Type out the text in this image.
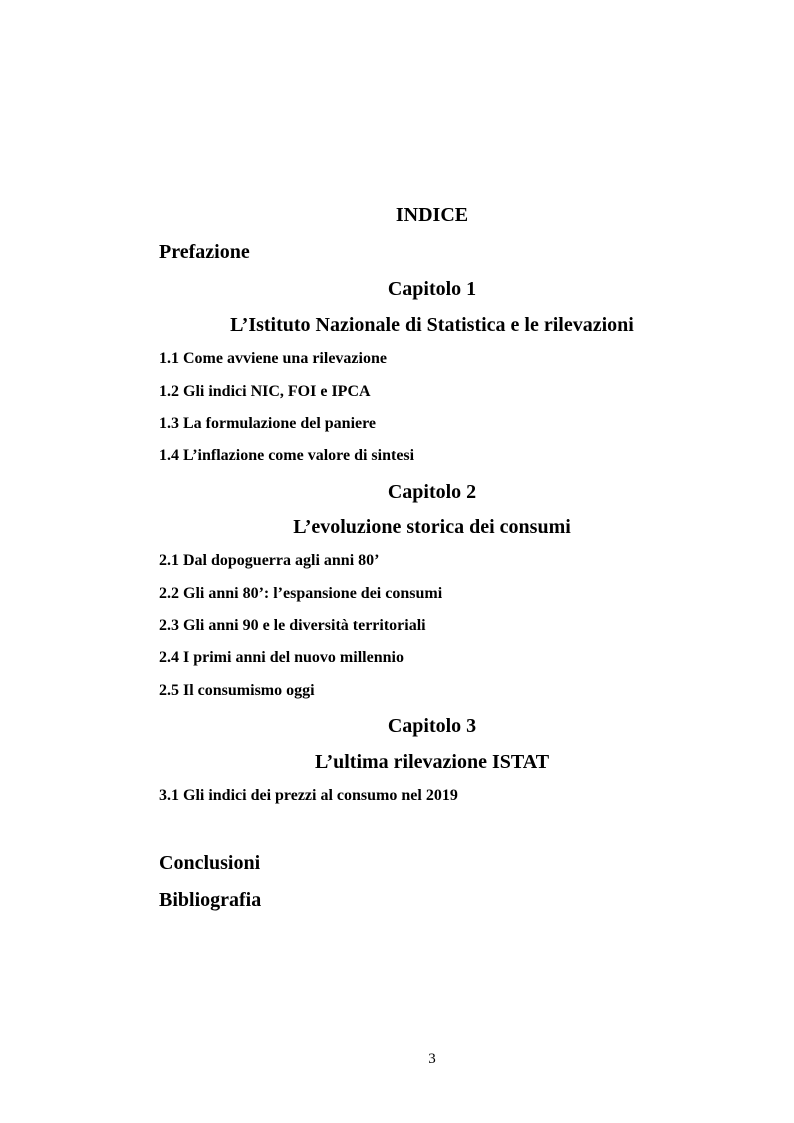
INDICE
Prefazione
Capitolo 1
L’Istituto Nazionale di Statistica e le rilevazioni
1.1 Come avviene una rilevazione
1.2 Gli indici NIC, FOI e IPCA
1.3 La formulazione del paniere
1.4 L’inflazione come valore di sintesi
Capitolo 2
L’evoluzione storica dei consumi
2.1 Dal dopoguerra agli anni 80’
2.2 Gli anni 80’: l’espansione dei consumi
2.3 Gli anni 90 e le diversità territoriali
2.4 I primi anni del nuovo millennio
2.5 Il consumismo oggi
Capitolo 3
L’ultima rilevazione ISTAT
3.1 Gli indici dei prezzi al consumo nel 2019
Conclusioni
Bibliografia
3
